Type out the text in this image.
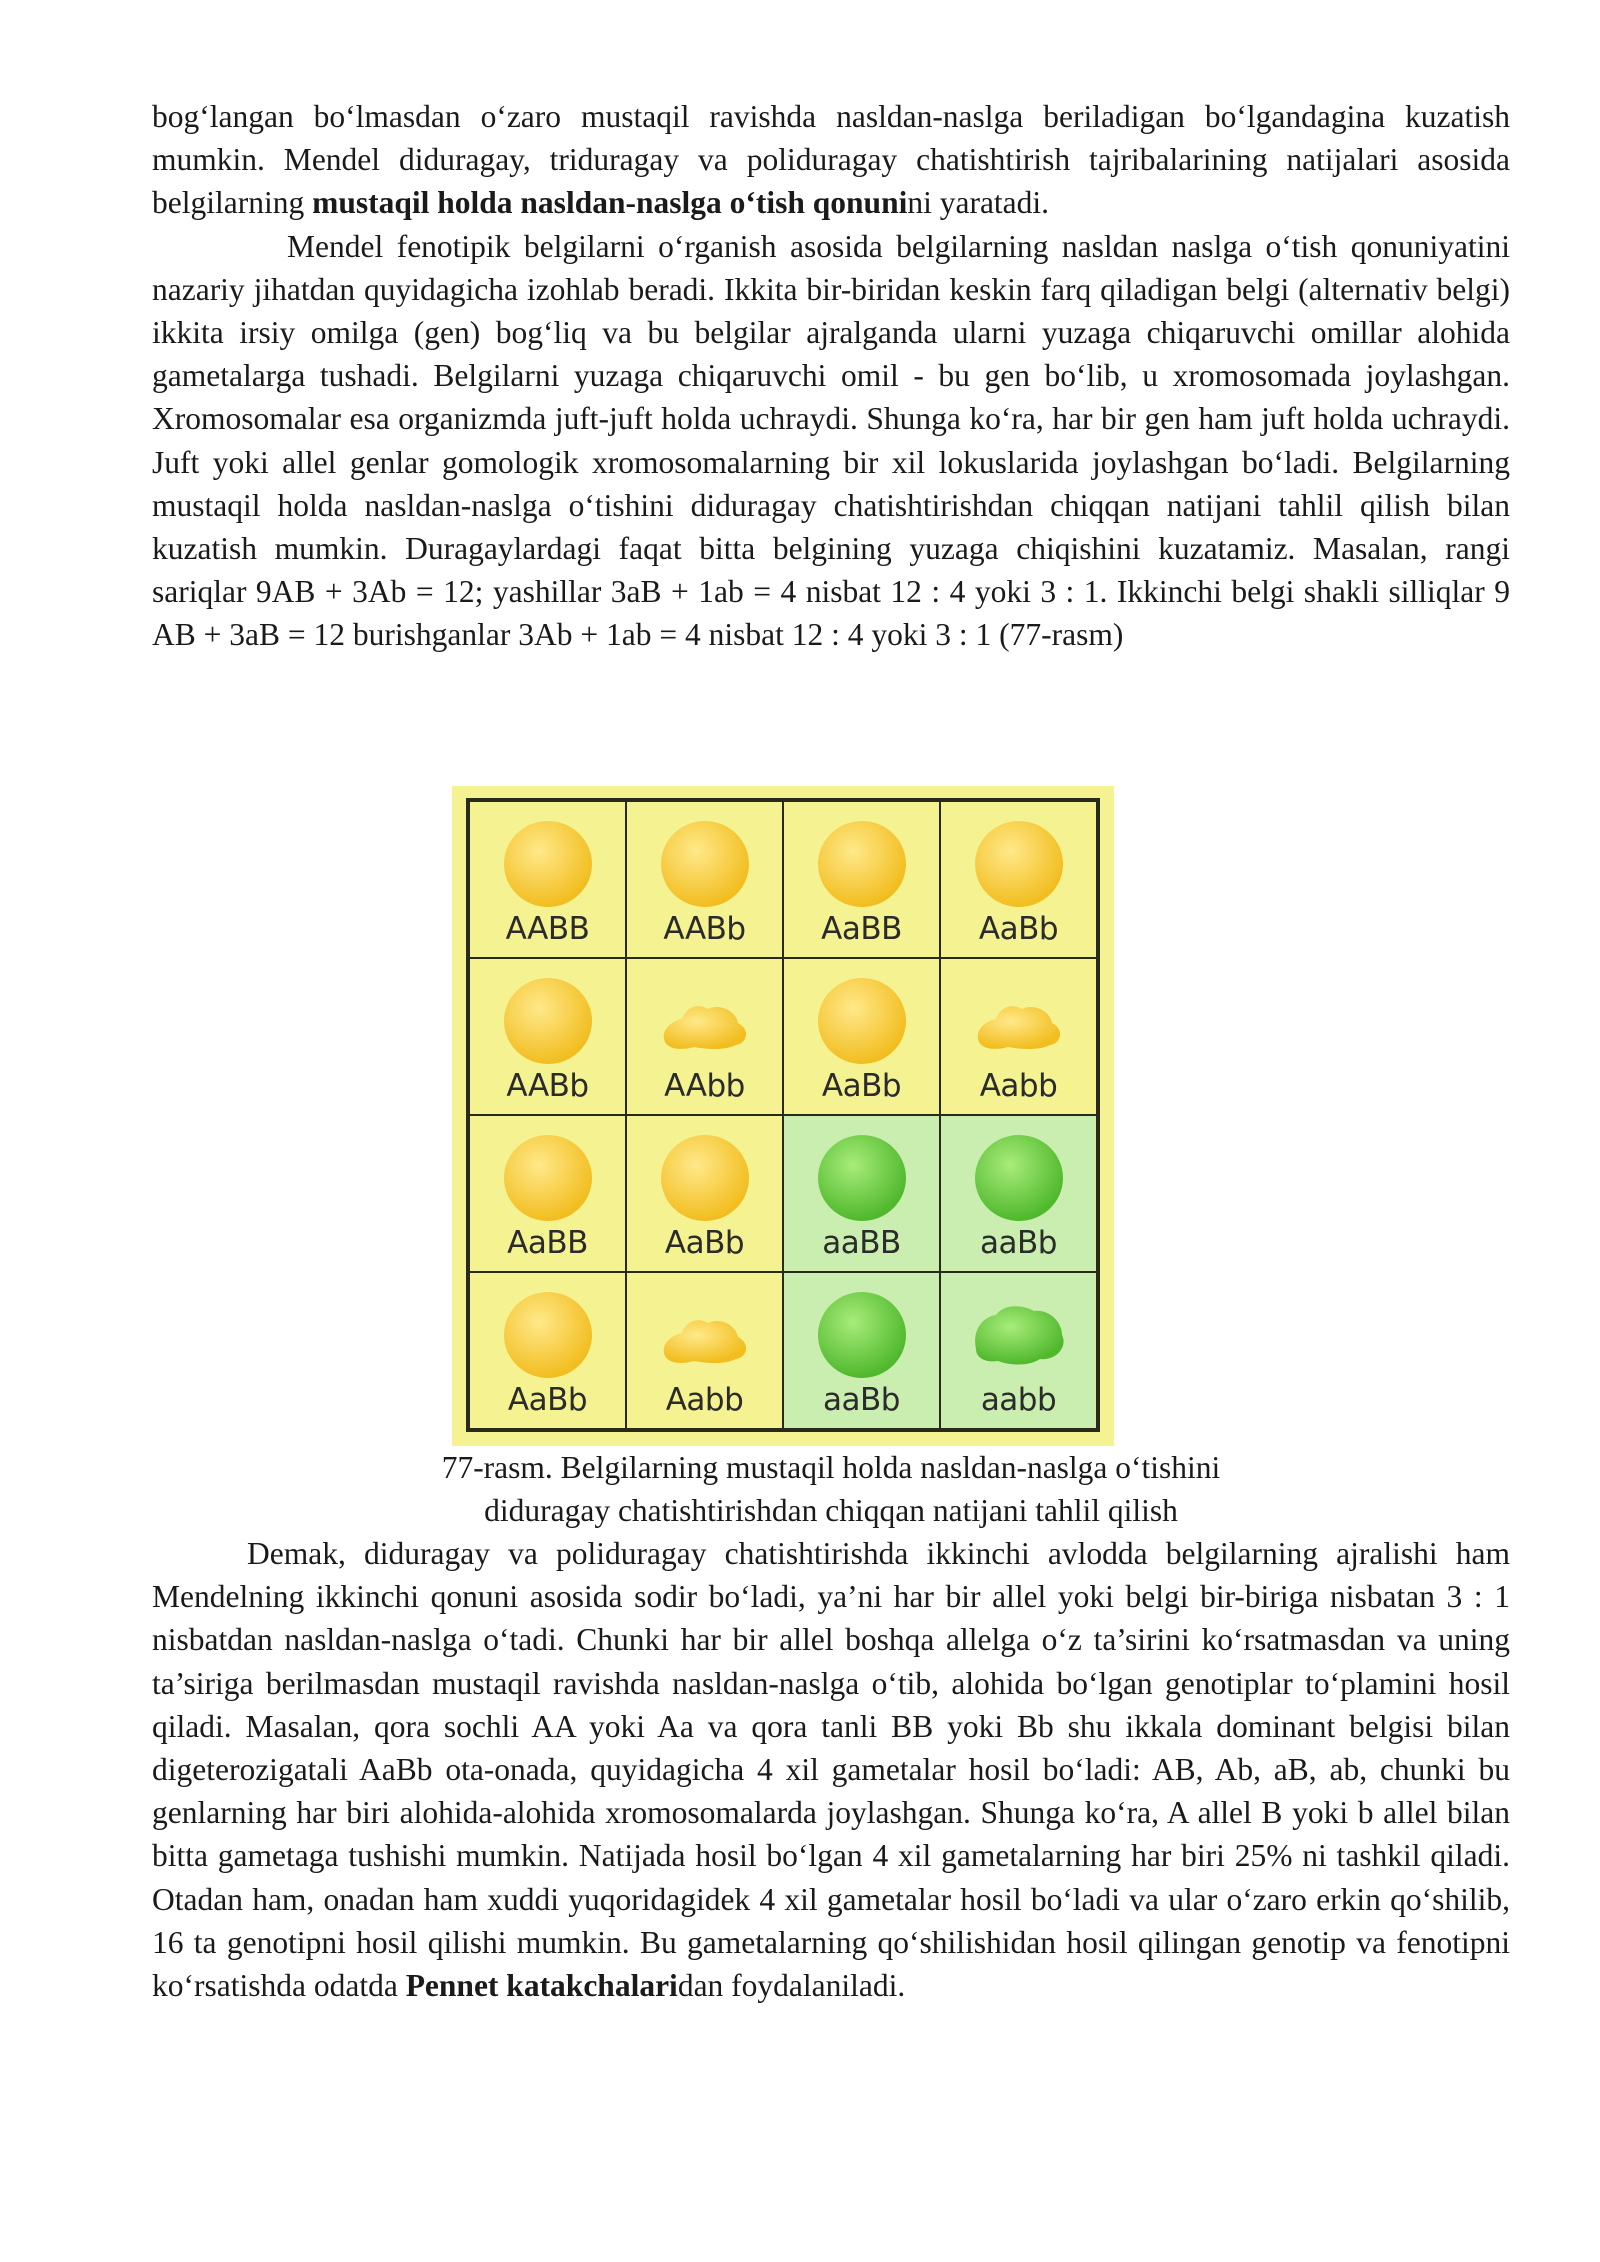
bog‘langan bo‘lmasdan o‘zaro mustaqil ravishda nasldan-naslga beriladigan bo‘lgandagina kuzatish mumkin. Mendel diduragay, triduragay va poliduragay chatishtirish tajribalarining natijalari asosida belgilarning mustaqil holda nasldan-naslga o‘tish qonunini yaratadi.

Mendel fenotipik belgilarni o‘rganish asosida belgilarning nasldan naslga o‘tish qonuniyatini nazariy jihatdan quyidagicha izohlab beradi. Ikkita bir-biridan keskin farq qiladigan belgi (alternativ belgi) ikkita irsiy omilga (gen) bog‘liq va bu belgilar ajralganda ularni yuzaga chiqaruvchi omillar alohida gametalarga tushadi. Belgilarni yuzaga chiqaruvchi omil - bu gen bo‘lib, u xromosomada joylashgan. Xromosomalar esa organizmda juft-juft holda uchraydi. Shunga ko‘ra, har bir gen ham juft holda uchraydi. Juft yoki allel genlar gomologik xromosomalarning bir xil lokuslarida joylashgan bo‘ladi. Belgilarning mustaqil holda nasldan-naslga o‘tishini diduragay chatishtirishdan chiqqan natijani tahlil qilish bilan kuzatish mumkin. Duragaylardagi faqat bitta belgining yuzaga chiqishini kuzatamiz. Masalan, rangi sariqlar 9AB + 3Ab = 12; yashillar 3aB + 1ab = 4 nisbat 12 : 4 yoki 3 : 1. Ikkinchi belgi shakli silliqlar 9 AB + 3aB = 12 burishganlar 3Ab + 1ab = 4 nisbat 12 : 4 yoki 3 : 1 (77-rasm)

AABB	AABb	AaBB	AaBb
AABb	AAbb	AaBb	Aabb
AaBB	AaBb	aaBB	aaBb
AaBb	Aabb	aaBb	aabb

77-rasm. Belgilarning mustaqil holda nasldan-naslga o‘tishini

diduragay chatishtirishdan chiqqan natijani tahlil qilish

Demak, diduragay va poliduragay chatishtirishda ikkinchi avlodda belgilarning ajralishi ham Mendelning ikkinchi qonuni asosida sodir bo‘ladi, ya’ni har bir allel yoki belgi bir-biriga nisbatan 3 : 1 nisbatdan nasldan-naslga o‘tadi. Chunki har bir allel boshqa allelga o‘z ta’sirini ko‘rsatmasdan va uning ta’siriga berilmasdan mustaqil ravishda nasldan-naslga o‘tib, alohida bo‘lgan genotiplar to‘plamini hosil qiladi. Masalan, qora sochli AA yoki Aa va qora tanli BB yoki Bb shu ikkala dominant belgisi bilan digeterozigatali AaBb ota-onada, quyidagicha 4 xil gametalar hosil bo‘ladi: AB, Ab, aB, ab, chunki bu genlarning har biri alohida-alohida xromosomalarda joylashgan. Shunga ko‘ra, A allel B yoki b allel bilan bitta gametaga tushishi mumkin. Natijada hosil bo‘lgan 4 xil gametalarning har biri 25% ni tashkil qiladi. Otadan ham, onadan ham xuddi yuqoridagidek 4 xil gametalar hosil bo‘ladi va ular o‘zaro erkin qo‘shilib, 16 ta genotipni hosil qilishi mumkin. Bu gametalarning qo‘shilishidan hosil qilingan genotip va fenotipni ko‘rsatishda odatda Pennet katakchalaridan foydalaniladi.
